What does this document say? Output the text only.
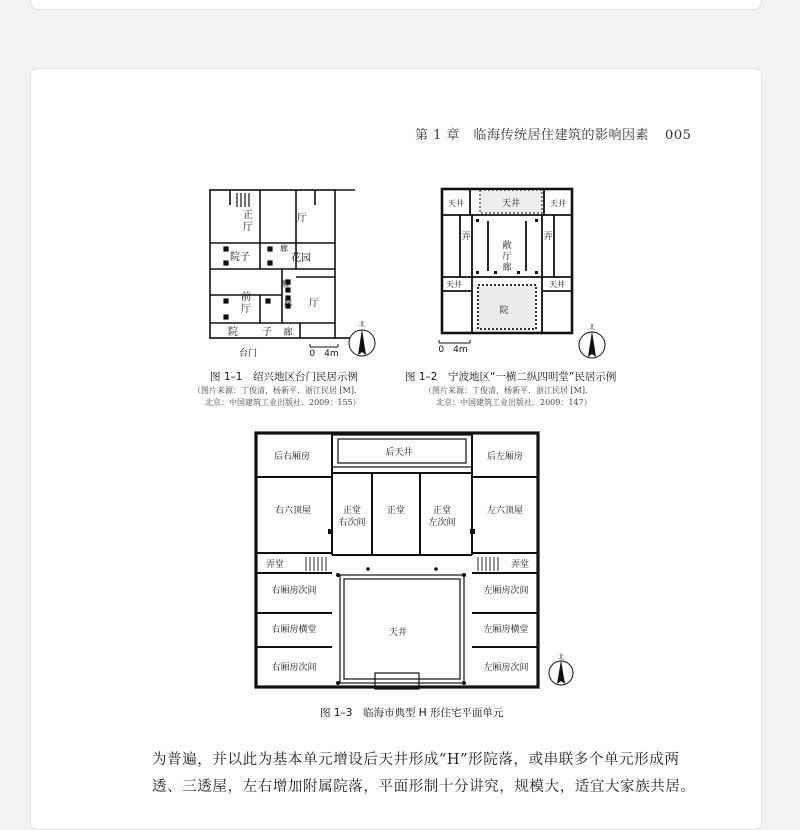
第 1 章　临海传统居住建筑的影响因素 005
正
厅
厅
院子	花园
廊
廊
廊
前
厅
厅
院 子 廊
台门	0　4m
北
图 1–1　绍兴地区台门民居示例
（图片来源：丁俊清，杨新平．浙江民居 [M].
北京：中国建筑工业出版社．2009：155）
天井
天井	天井
弄	弄
敞
厅
廊
天井	天井
院
0　4m
北
图 1–2　宁波地区“一横二纵四明堂”民居示例
（图片来源：丁俊清，杨新平．浙江民居 [M].
北京：中国建筑工业出版社．2009：147）
后天井
后右厢房	后左厢房
右六顶屋	左六顶屋
正堂
右次间
正堂	正堂
左次间
弄堂	弄堂
右厢房次间
右厢房横堂
右厢房次间
左厢房次间
左厢房横堂
左厢房次间
天井
北
图 1–3　临海市典型 H 形住宅平面单元
为普遍，并以此为基本单元增设后天井形成“H”形院落，或串联多个单元形成两
透、三透屋，左右增加附属院落，平面形制十分讲究，规模大，适宜大家族共居。
